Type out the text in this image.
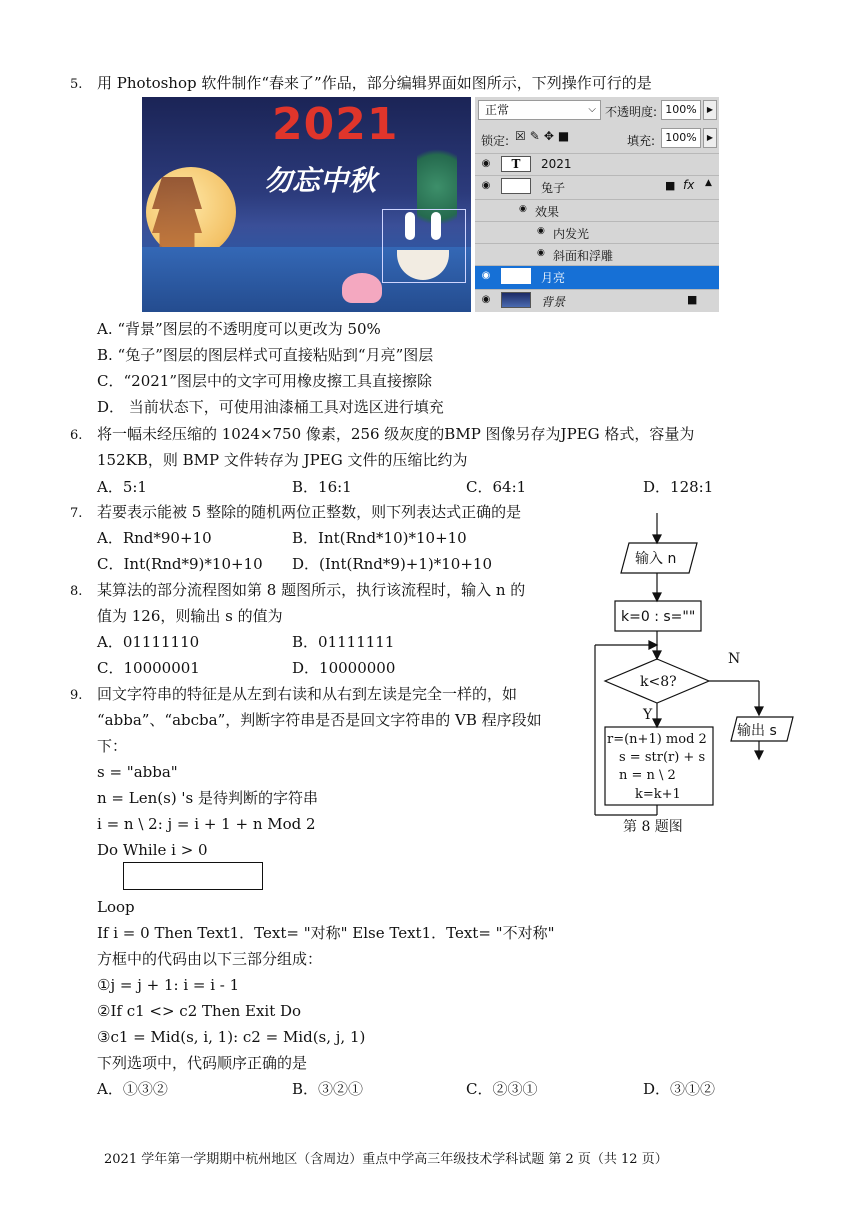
5. 用 Photoshop 软件制作“春来了”作品，部分编辑界面如图所示，下列操作可行的是
2021
勿忘中秋
正常	⌵ 不透明度: 100%	▶
锁定: ☒✎✥■	填充: 100%	▶
◉	T	2021
◉	兔子	■ fx ▲
◉ 效果
◉ 内发光
◉ 斜面和浮雕
◉	月亮
◉	背景	■
A. “背景”图层的不透明度可以更改为 50%
B. “兔子”图层的图层样式可直接粘贴到“月亮”图层
C．“2021”图层中的文字可用橡皮擦工具直接擦除
D． 当前状态下，可使用油漆桶工具对选区进行填充
6. 将一幅未经压缩的 1024×750 像素，256 级灰度的BMP 图像另存为JPEG 格式，容量为
152KB，则 BMP 文件转存为 JPEG 文件的压缩比约为
A．5:1	B．16:1	C．64:1	D．128:1
7. 若要表示能被 5 整除的随机两位正整数，则下列表达式正确的是
A．Rnd*90+10	B．Int(Rnd*10)*10+10
C．Int(Rnd*9)*10+10 D．(Int(Rnd*9)+1)*10+10
8. 某算法的部分流程图如第 8 题图所示，执行该流程时，输入 n 的
值为 126，则输出 s 的值为
A．01111110	B．01111111
C．10000001	D．10000000
输入 n
k=0 : s=""
k<8?
N
Y
输出 s
r=(n+1) mod 2
s = str(r) + s
n = n \ 2
k=k+1
第 8 题图
9. 回文字符串的特征是从左到右读和从右到左读是完全一样的，如
“abba”、“abcba”，判断字符串是否是回文字符串的 VB 程序段如
下：
s = "abba"
n = Len(s) 's 是待判断的字符串
i = n \ 2: j = i + 1 + n Mod 2
Do While i > 0
Loop
If i = 0 Then Text1．Text= "对称" Else Text1．Text= "不对称"
方框中的代码由以下三部分组成：
①j = j + 1: i = i - 1
②If c1 <> c2 Then Exit Do
③c1 = Mid(s, i, 1): c2 = Mid(s, j, 1)
下列选项中，代码顺序正确的是
A．①③②	B．③②①	C．②③①	D．③①②
2021 学年第一学期期中杭州地区（含周边）重点中学高三年级技术学科试题 第 2 页（共 12 页）
